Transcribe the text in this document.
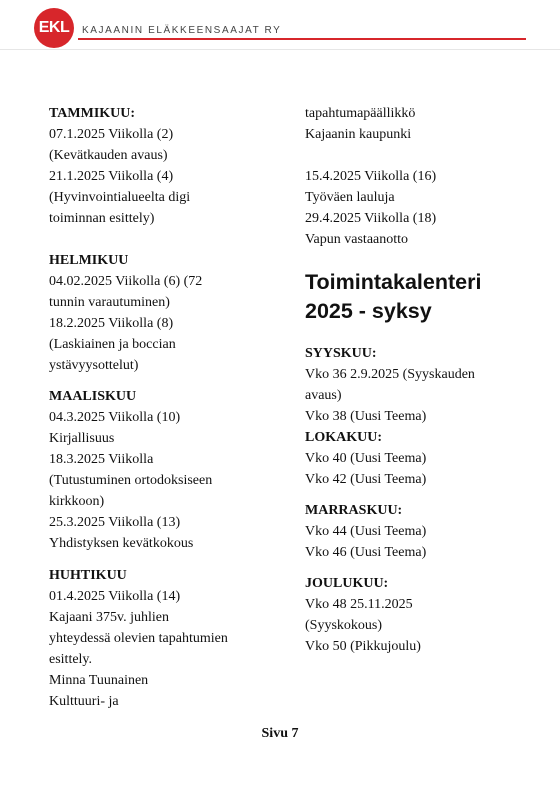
EKL	KAJAANIN ELÄKKEENSAAJAT RY
TAMMIKUU:
07.1.2025 Viikolla (2)
(Kevätkauden avaus)
21.1.2025 Viikolla (4)
(Hyvinvointialueelta digi
toiminnan esittely)
HELMIKUU
04.02.2025 Viikolla (6) (72
tunnin varautuminen)
18.2.2025 Viikolla (8)
(Laskiainen ja boccian
ystävyysottelut)
MAALISKUU
04.3.2025 Viikolla (10)
Kirjallisuus
18.3.2025 Viikolla
(Tutustuminen ortodoksiseen
kirkkoon)
25.3.2025 Viikolla (13)
Yhdistyksen kevätkokous
HUHTIKUU
01.4.2025 Viikolla (14)
Kajaani 375v. juhlien
yhteydessä olevien tapahtumien
esittely.
Minna Tuunainen
Kulttuuri- ja
tapahtumapäällikkö
Kajaanin kaupunki
15.4.2025 Viikolla (16)
Työväen lauluja
29.4.2025 Viikolla (18)
Vapun vastaanotto
Toimintakalenteri
2025 - syksy
SYYSKUU:
Vko 36 2.9.2025 (Syyskauden
avaus)
Vko 38 (Uusi Teema)
LOKAKUU:
Vko 40 (Uusi Teema)
Vko 42 (Uusi Teema)
MARRASKUU:
Vko 44 (Uusi Teema)
Vko 46 (Uusi Teema)
JOULUKUU:
Vko 48 25.11.2025
(Syyskokous)
Vko 50 (Pikkujoulu)
Sivu 7
